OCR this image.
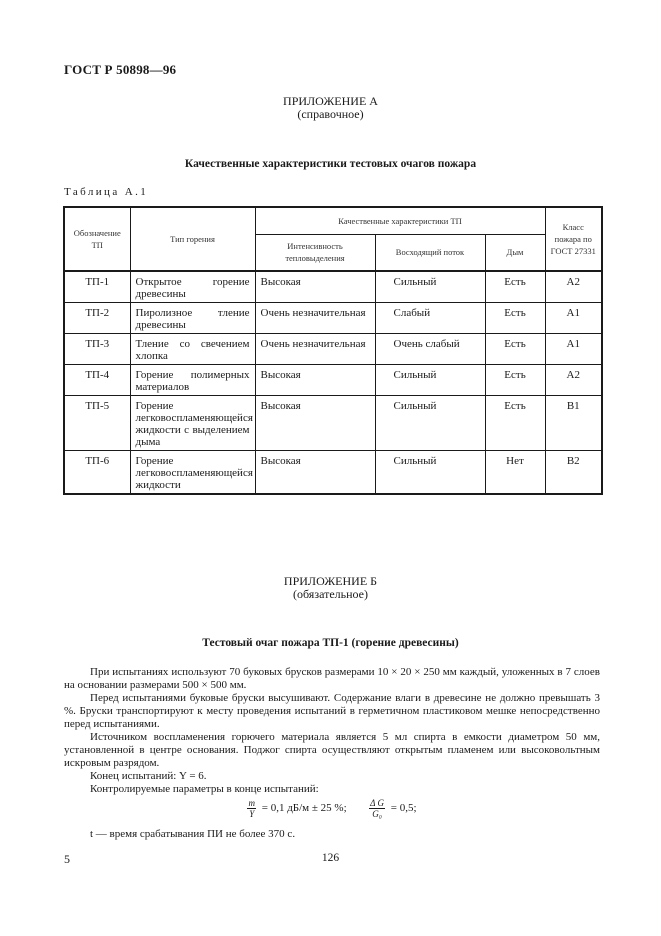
ГОСТ Р 50898—96
ПРИЛОЖЕНИЕ А
(справочное)
Качественные характеристики тестовых очагов пожара
Таблица А.1
Обозначение ТП	Тип горения	Качественные характеристики ТП			Класс пожара по ГОСТ 27331
		Интенсивность тепловыделения	Восходящий поток	Дым	
ТП-1	Открытое горение древесины	Высокая	Сильный	Есть	А2
ТП-2	Пиролизное тление древесины	Очень незначительная	Слабый	Есть	А1
ТП-3	Тление со свечением хлопка	Очень незначительная	Очень слабый	Есть	А1
ТП-4	Горение полимерных материалов	Высокая	Сильный	Есть	А2
ТП-5	Горение легковоспламеняющейся жидкости с выделением дыма	Высокая	Сильный	Есть	В1
ТП-6	Горение легковоспламеняющейся жидкости	Высокая	Сильный	Нет	В2
ПРИЛОЖЕНИЕ Б
(обязательное)
Тестовый очаг пожара ТП-1 (горение древесины)

При испытаниях используют 70 буковых брусков размерами 10 × 20 × 250 мм каждый, уложенных в 7 слоев на основании размерами 500 × 500 мм.

Перед испытаниями буковые бруски высушивают. Содержание влаги в древесине не должно превышать 3 %. Бруски транспортируют к месту проведения испытаний в герметичном пластиковом мешке непосредственно перед испытаниями.

Источником воспламенения горючего материала является 5 мл спирта в емкости диаметром 50 мм, установленной в центре основания. Поджог спирта осуществляют открытым пламенем или высоковольтным искровым разрядом.

Конец испытаний: Y = 6.

Контролируемые параметры в конце испытаний:

$\frac{m}{Y} = 0,1$ дБ/м ± 25 %;	$\frac{\text{Δ G}}{\text{G₀}} = 0,5$;
t — время срабатывания ПИ не более 370 с.
5	126
